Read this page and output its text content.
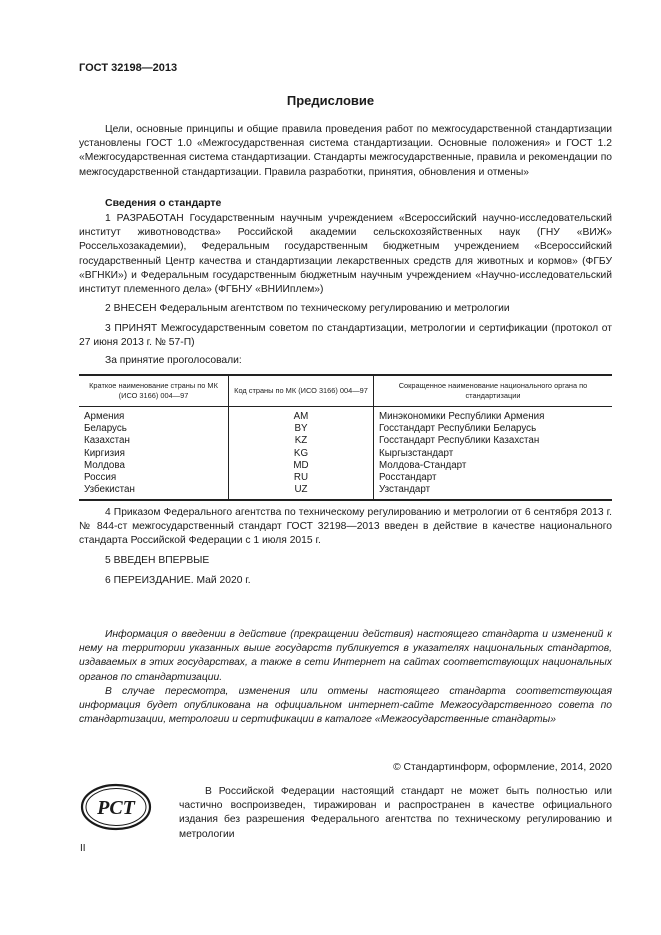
ГОСТ 32198—2013
Предисловие
Цели, основные принципы и общие правила проведения работ по межгосударственной стандартизации установлены ГОСТ 1.0 «Межгосударственная система стандартизации. Основные положения» и ГОСТ 1.2 «Межгосударственная система стандартизации. Стандарты межгосударственные, правила и рекомендации по межгосударственной стандартизации. Правила разработки, принятия, обновления и отмены»
Сведения о стандарте
1 РАЗРАБОТАН Государственным научным учреждением «Всероссийский научно-исследовательский институт животноводства» Российской академии сельскохозяйственных наук (ГНУ «ВИЖ» Россельхозакадемии), Федеральным государственным бюджетным учреждением «Всероссийский государственный Центр качества и стандартизации лекарственных средств для животных и кормов» (ФГБУ «ВГНКИ») и Федеральным государственным бюджетным научным учреждением «Научно-исследовательский институт племенного дела» (ФГБНУ «ВНИИплем»)
2 ВНЕСЕН Федеральным агентством по техническому регулированию и метрологии
3 ПРИНЯТ Межгосударственным советом по стандартизации, метрологии и сертификации (протокол от 27 июня 2013 г. № 57-П)
За принятие проголосовали:
Краткое наименование страны по МК (ИСО 3166) 004—97	Код страны по МК (ИСО 3166) 004—97	Сокращенное наименование национального органа по стандартизации
Армения	AM	Минэкономики Республики Армения
Беларусь	BY	Госстандарт Республики Беларусь
Казахстан	KZ	Госстандарт Республики Казахстан
Киргизия	KG	Кыргызстандарт
Молдова	MD	Молдова-Стандарт
Россия	RU	Росстандарт
Узбекистан	UZ	Узстандарт
4 Приказом Федерального агентства по техническому регулированию и метрологии от 6 сентября 2013 г. № 844-ст межгосударственный стандарт ГОСТ 32198—2013 введен в действие в качестве национального стандарта Российской Федерации с 1 июля 2015 г.
5 ВВЕДЕН ВПЕРВЫЕ
6 ПЕРЕИЗДАНИЕ. Май 2020 г.
Информация о введении в действие (прекращении действия) настоящего стандарта и изменений к нему на территории указанных выше государств публикуется в указателях национальных стандартов, издаваемых в этих государствах, а также в сети Интернет на сайтах соответствующих национальных органов по стандартизации.
В случае пересмотра, изменения или отмены настоящего стандарта соответствующая информация будет опубликована на официальном интернет-сайте Межгосударственного совета по стандартизации, метрологии и сертификации в каталоге «Межгосударственные стандарты»
© Стандартинформ, оформление, 2014, 2020
РСТ
В Российской Федерации настоящий стандарт не может быть полностью или частично воспроизведен, тиражирован и распространен в качестве официального издания без разрешения Федерального агентства по техническому регулированию и метрологии
II
